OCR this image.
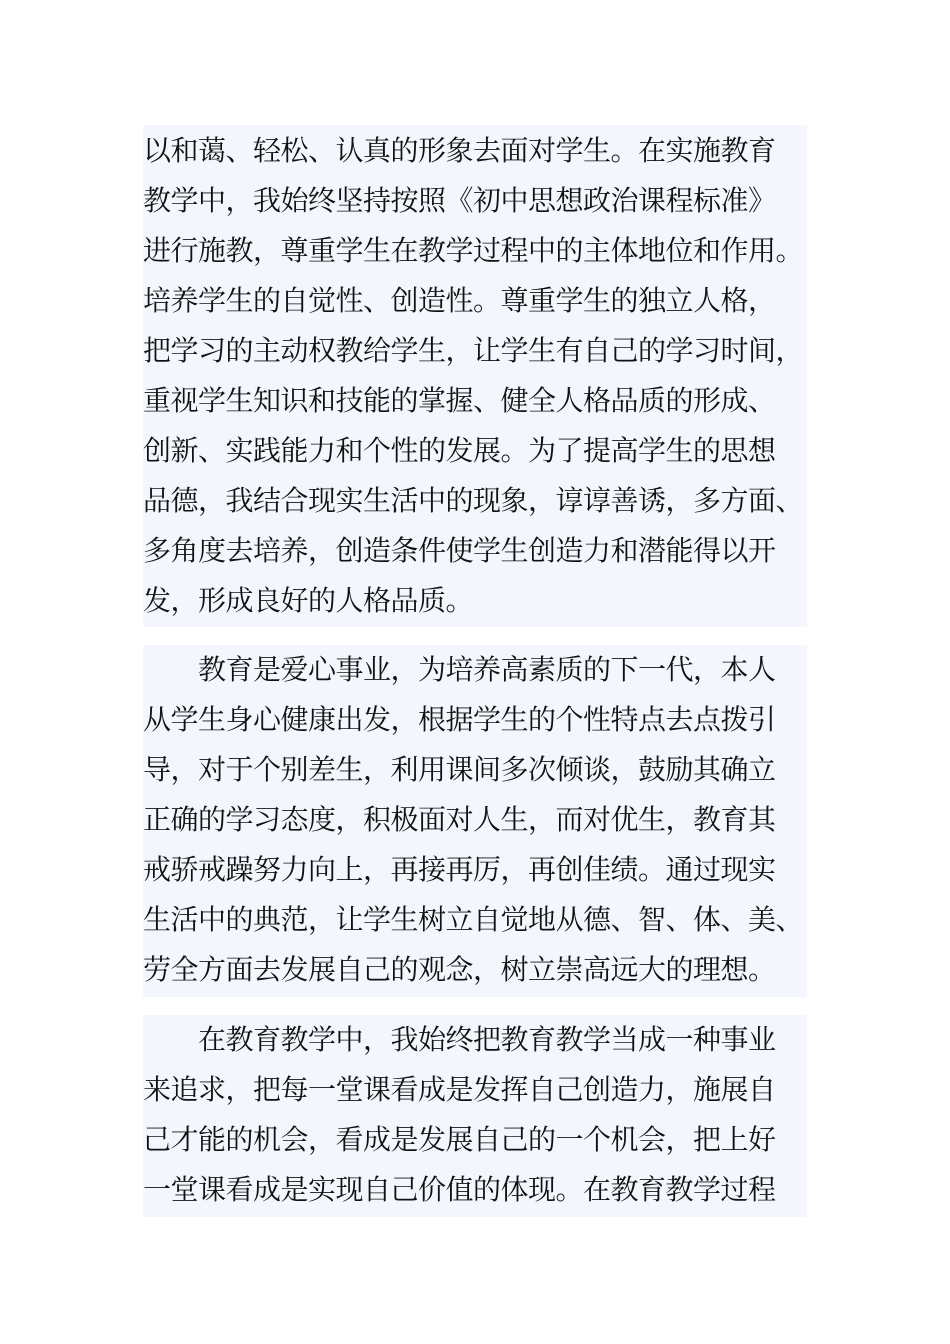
以和蔼、轻松、认真的形象去面对学生。在实施教育
教学中，我始终坚持按照《初中思想政治课程标准》
进行施教，尊重学生在教学过程中的主体地位和作用。
培养学生的自觉性、创造性。尊重学生的独立人格，
把学习的主动权教给学生，让学生有自己的学习时间，
重视学生知识和技能的掌握、健全人格品质的形成、
创新、实践能力和个性的发展。为了提高学生的思想
品德，我结合现实生活中的现象，谆谆善诱，多方面、
多角度去培养，创造条件使学生创造力和潜能得以开
发，形成良好的人格品质。
　　教育是爱心事业，为培养高素质的下一代，本人
从学生身心健康出发，根据学生的个性特点去点拨引
导，对于个别差生，利用课间多次倾谈，鼓励其确立
正确的学习态度，积极面对人生，而对优生，教育其
戒骄戒躁努力向上，再接再厉，再创佳绩。通过现实
生活中的典范，让学生树立自觉地从德、智、体、美、
劳全方面去发展自己的观念，树立崇高远大的理想。
　　在教育教学中，我始终把教育教学当成一种事业
来追求，把每一堂课看成是发挥自己创造力，施展自
己才能的机会，看成是发展自己的一个机会，把上好
一堂课看成是实现自己价值的体现。在教育教学过程
